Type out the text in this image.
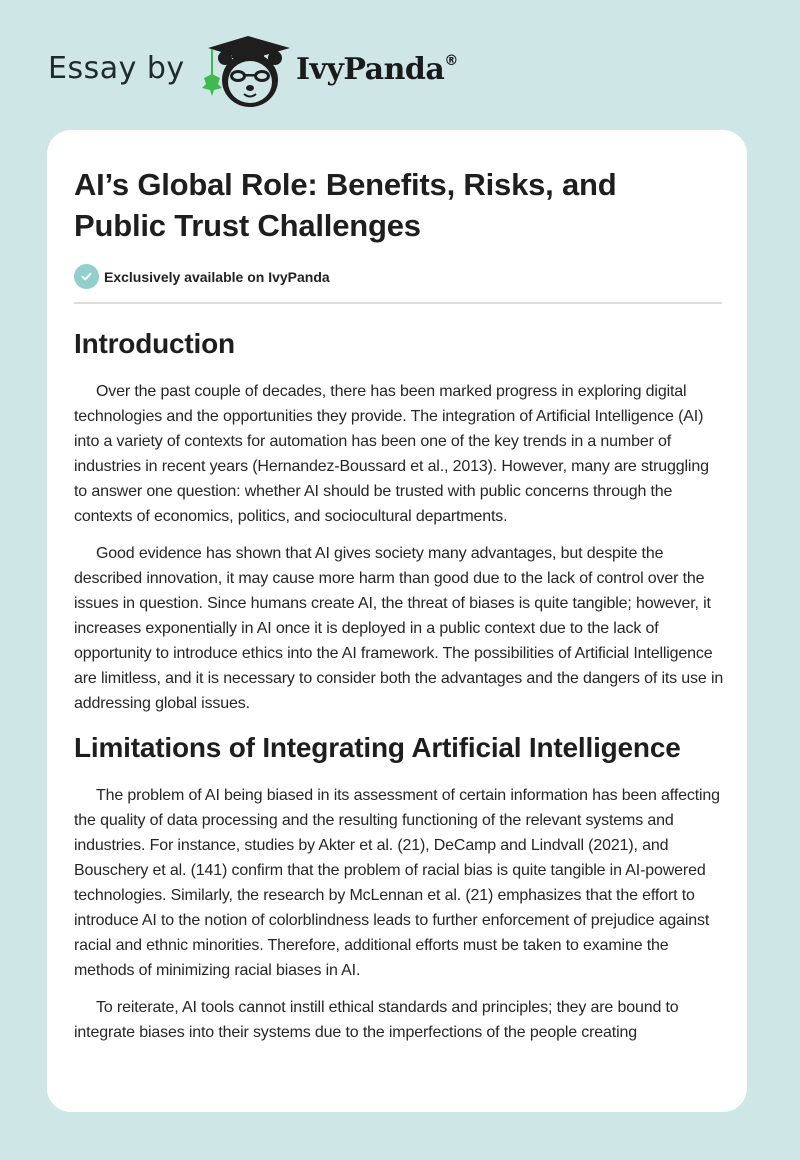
Essay by	IvyPanda®
AI’s Global Role: Benefits, Risks, and Public Trust Challenges
Exclusively available on IvyPanda
Introduction

Over the past couple of decades, there has been marked progress in exploring digital technologies and the opportunities they provide. The integration of Artificial Intelligence (AI) into a variety of contexts for automation has been one of the key trends in a number of industries in recent years (Hernandez-Boussard et al., 2013). However, many are struggling to answer one question: whether AI should be trusted with public concerns through the contexts of economics, politics, and sociocultural departments.

Good evidence has shown that AI gives society many advantages, but despite the described innovation, it may cause more harm than good due to the lack of control over the issues in question. Since humans create AI, the threat of biases is quite tangible; however, it increases exponentially in AI once it is deployed in a public context due to the lack of opportunity to introduce ethics into the AI framework. The possibilities of Artificial Intelligence are limitless, and it is necessary to consider both the advantages and the dangers of its use in addressing global issues.

Limitations of Integrating Artificial Intelligence

The problem of AI being biased in its assessment of certain information has been affecting the quality of data processing and the resulting functioning of the relevant systems and industries. For instance, studies by Akter et al. (21), DeCamp and Lindvall (2021), and Bouschery et al. (141) confirm that the problem of racial bias is quite tangible in AI-powered technologies. Similarly, the research by McLennan et al. (21) emphasizes that the effort to introduce AI to the notion of colorblindness leads to further enforcement of prejudice against racial and ethnic minorities. Therefore, additional efforts must be taken to examine the methods of minimizing racial biases in AI.

To reiterate, AI tools cannot instill ethical standards and principles; they are bound to integrate biases into their systems due to the imperfections of the people creating
